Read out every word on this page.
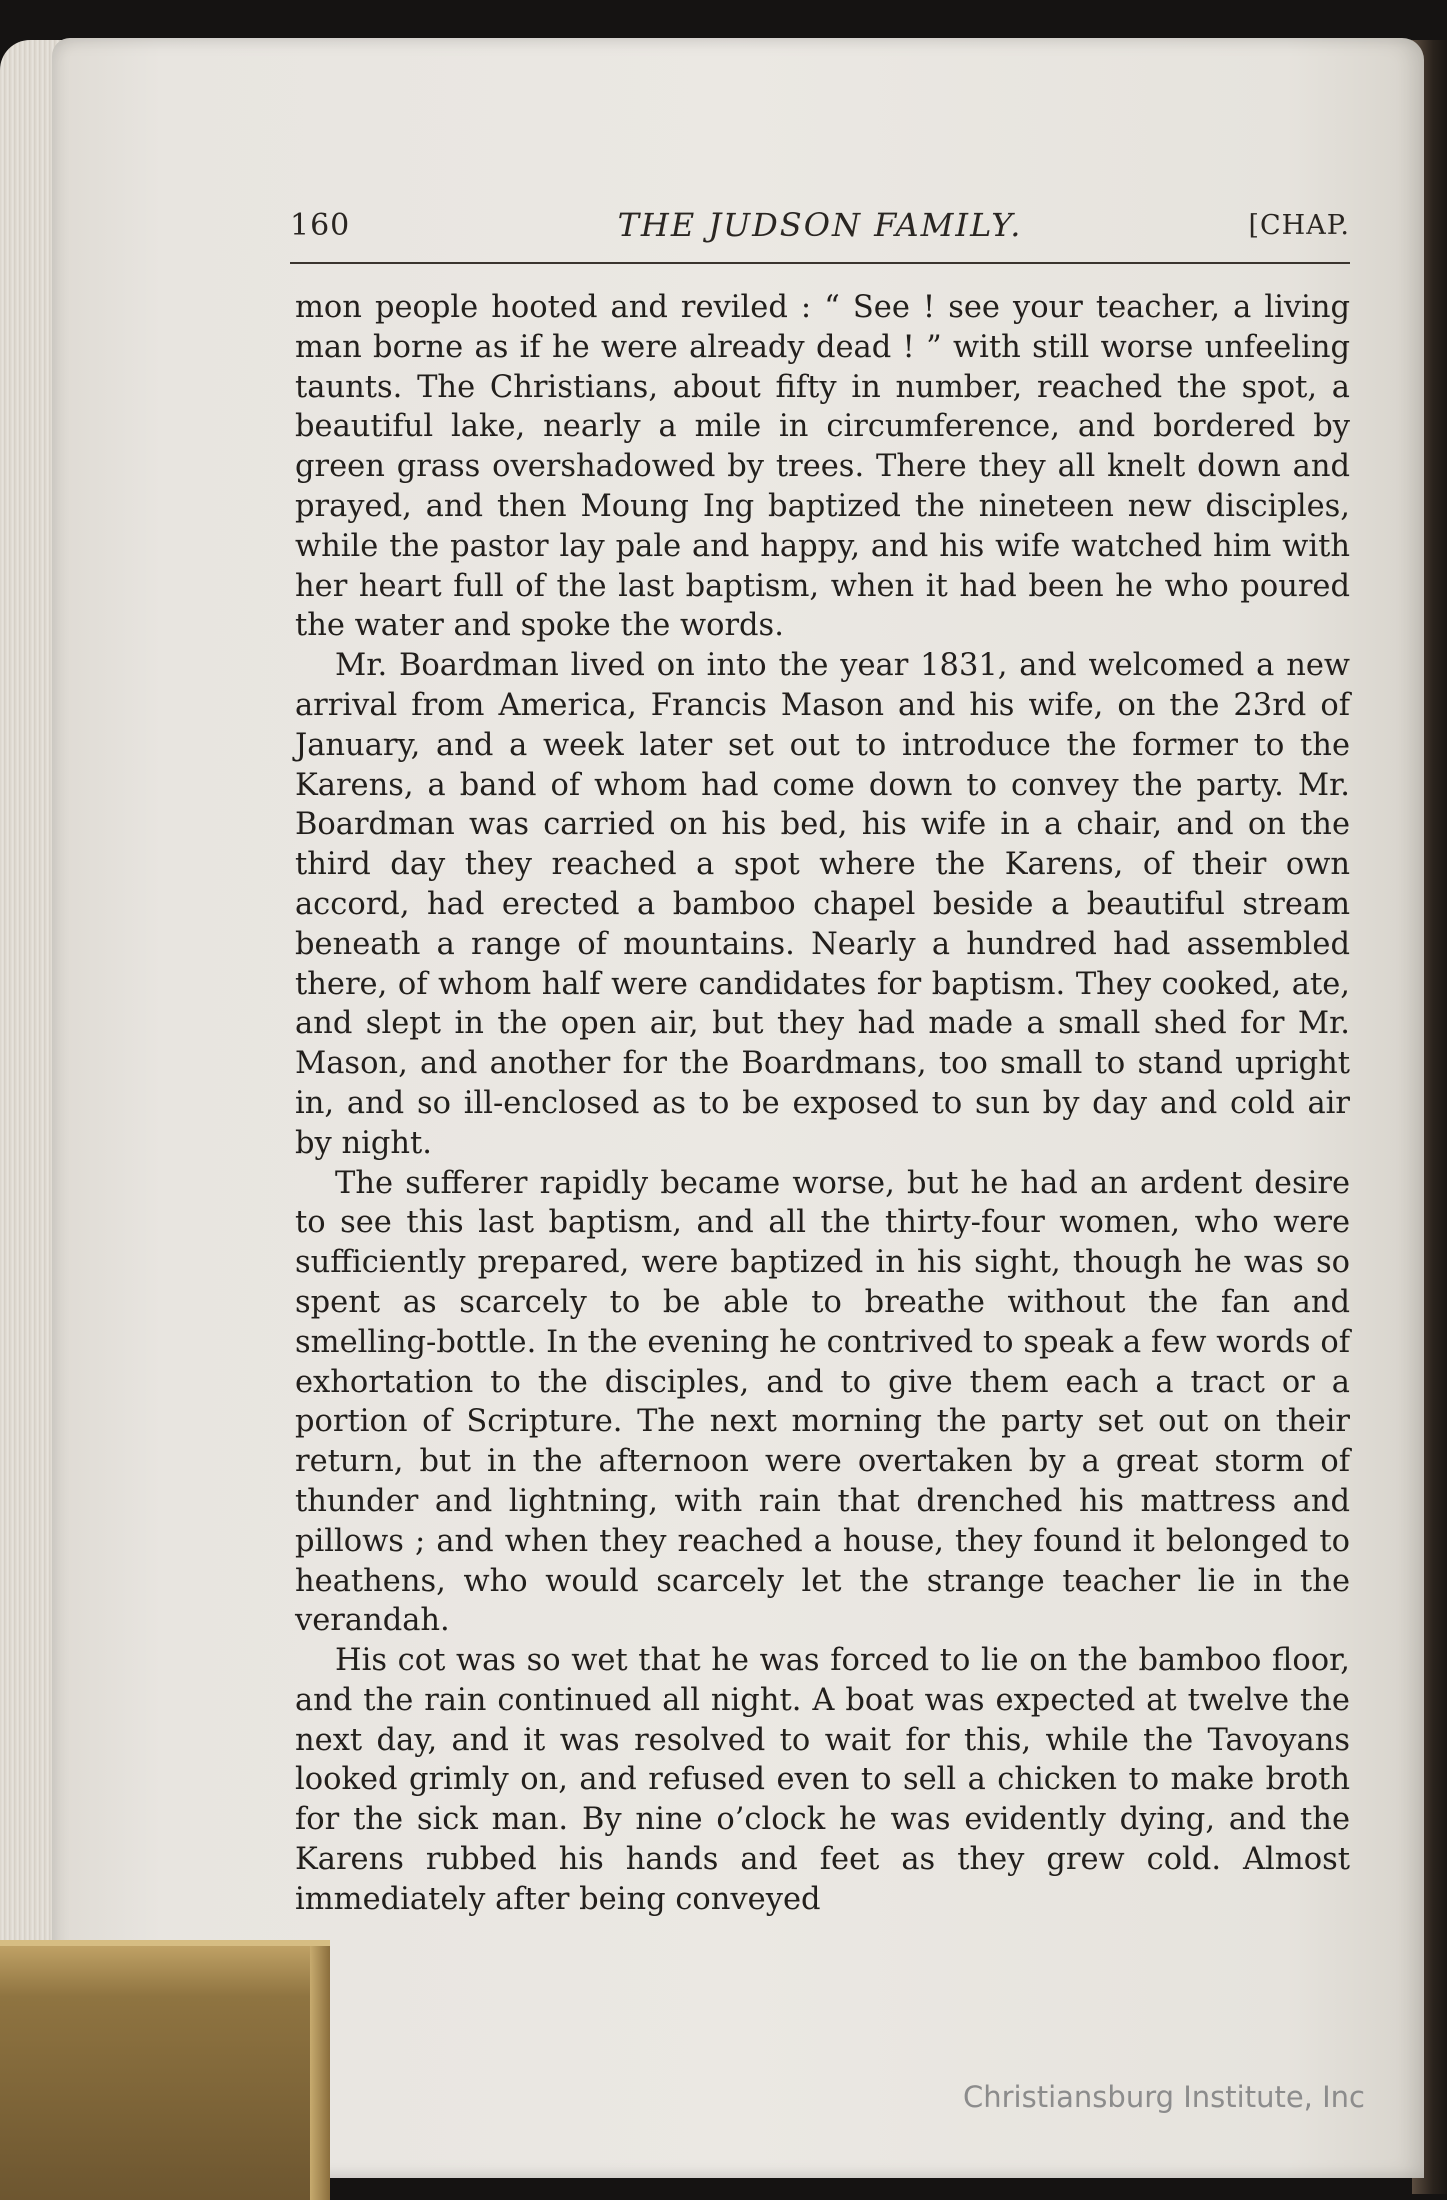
160	THE JUDSON FAMILY.	[CHAP.

mon people hooted and reviled : “ See ! see your teacher, a living man borne as if he were already dead ! ” with still worse unfeeling taunts. The Christians, about fifty in number, reached the spot, a beautiful lake, nearly a mile in circumference, and bordered by green grass overshadowed by trees. There they all knelt down and prayed, and then Moung Ing baptized the nineteen new disciples, while the pastor lay pale and happy, and his wife watched him with her heart full of the last baptism, when it had been he who poured the water and spoke the words.

Mr. Boardman lived on into the year 1831, and welcomed a new arrival from America, Francis Mason and his wife, on the 23rd of January, and a week later set out to introduce the former to the Karens, a band of whom had come down to convey the party. Mr. Boardman was carried on his bed, his wife in a chair, and on the third day they reached a spot where the Karens, of their own accord, had erected a bamboo chapel beside a beautiful stream beneath a range of mountains. Nearly a hundred had assembled there, of whom half were candidates for baptism. They cooked, ate, and slept in the open air, but they had made a small shed for Mr. Mason, and another for the Boardmans, too small to stand upright in, and so ill-enclosed as to be exposed to sun by day and cold air by night.

The sufferer rapidly became worse, but he had an ardent desire to see this last baptism, and all the thirty-four women, who were sufficiently prepared, were baptized in his sight, though he was so spent as scarcely to be able to breathe without the fan and smelling-bottle. In the evening he contrived to speak a few words of exhortation to the disciples, and to give them each a tract or a portion of Scripture. The next morning the party set out on their return, but in the afternoon were overtaken by a great storm of thunder and lightning, with rain that drenched his mattress and pillows ; and when they reached a house, they found it belonged to heathens, who would scarcely let the strange teacher lie in the verandah.

His cot was so wet that he was forced to lie on the bamboo floor, and the rain continued all night. A boat was expected at twelve the next day, and it was resolved to wait for this, while the Tavoyans looked grimly on, and refused even to sell a chicken to make broth for the sick man. By nine o’clock he was evidently dying, and the Karens rubbed his hands and feet as they grew cold. Almost immediately after being conveyed

Christiansburg Institute, Inc
